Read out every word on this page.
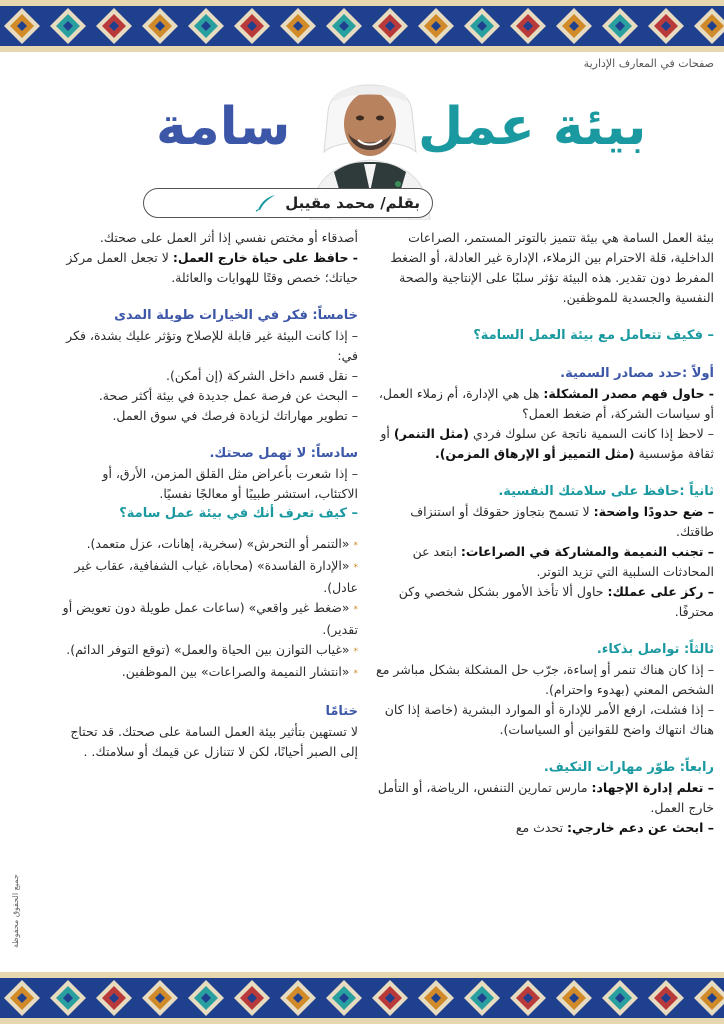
صفحات في المعارف الإدارية
بيئة عمل
سامة
بقلم/ محمد مقيبل
بيئة العمل السامة هي بيئة تتميز بالتوتر المستمر، الصراعات الداخلية، قلة الاحترام بين الزملاء، الإدارة غير العادلة، أو الضغط المفرط دون تقدير. هذه البيئة تؤثر سلبًا على الإنتاجية والصحة النفسية والجسدية للموظفين.
– فكيف تتعامل مع بيئة العمل السامة؟
أولاً :حدد مصادر السمية.
- حاول فهم مصدر المشكلة: هل هي الإدارة، أم زملاء العمل، أو سياسات الشركة، أم ضغط العمل؟
– لاحظ إذا كانت السمية ناتجة عن سلوك فردي (مثل التنمر) أو ثقافة مؤسسية (مثل التمييز أو الإرهاق المزمن).
ثانياً :حافظ على سلامتك النفسية.
– ضع حدودًا واضحة: لا تسمح بتجاوز حقوقك أو استنزاف طاقتك.
– تجنب النميمة والمشاركة في الصراعات: ابتعد عن المحادثات السلبية التي تزيد التوتر.
– ركز على عملك: حاول ألا تأخذ الأمور بشكل شخصي وكن محترفًا.
ثالثاً: تواصل بذكاء.
– إذا كان هناك تنمر أو إساءة، جرّب حل المشكلة بشكل مباشر مع الشخص المعني (بهدوء واحترام).
– إذا فشلت، ارفع الأمر للإدارة أو الموارد البشرية (خاصة إذا كان هناك انتهاك واضح للقوانين أو السياسات).
رابعاً: طوّر مهارات التكيف.
– تعلم إدارة الإجهاد: مارس تمارين التنفس، الرياضة، أو التأمل خارج العمل.
– ابحث عن دعم خارجي: تحدث مع
أصدقاء أو مختص نفسي إذا أثر العمل على صحتك.
- حافظ على حياة خارج العمل: لا تجعل العمل مركز حياتك؛ خصص وقتًا للهوايات والعائلة.
خامساً: فكر في الخيارات طويلة المدى
– إذا كانت البيئة غير قابلة للإصلاح وتؤثر عليك بشدة، فكر في:
– نقل قسم داخل الشركة (إن أمكن).
– البحث عن فرصة عمل جديدة في بيئة أكثر صحة.
– تطوير مهاراتك لزيادة فرصك في سوق العمل.
سادساً: لا تهمل صحتك.
– إذا شعرت بأعراض مثل القلق المزمن، الأرق، أو الاكتئاب، استشر طبيبًا أو معالجًا نفسيًا.
– كيف تعرف أنك في بيئة عمل سامة؟
* «التنمر أو التحرش» (سخرية، إهانات، عزل متعمد).
* «الإدارة الفاسدة» (محاباة، غياب الشفافية، عقاب غير عادل).
* «ضغط غير واقعي» (ساعات عمل طويلة دون تعويض أو تقدير).
* «غياب التوازن بين الحياة والعمل» (توقع التوفر الدائم).
* «انتشار النميمة والصراعات» بين الموظفين.
ختامًا
لا تستهين بتأثير بيئة العمل السامة على صحتك. قد تحتاج إلى الصبر أحيانًا، لكن لا تتنازل عن قيمك أو سلامتك. .
جميع الحقوق محفوظة
